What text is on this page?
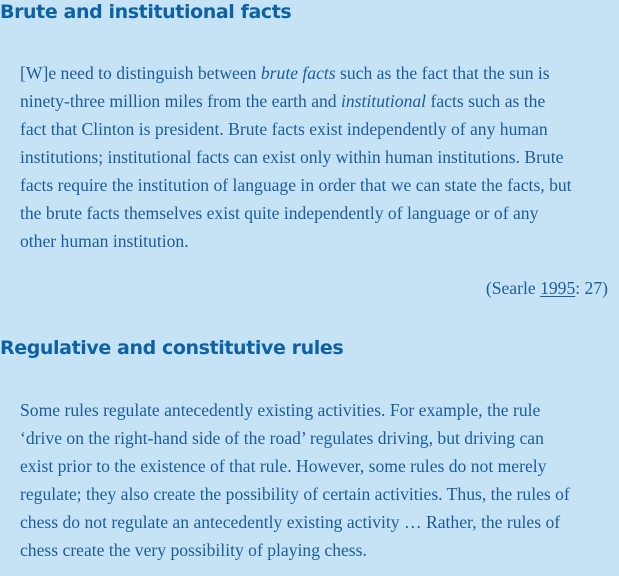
Brute and institutional facts
[W]e need to distinguish between brute facts such as the fact that the sun is
ninety-three million miles from the earth and institutional facts such as the
fact that Clinton is president. Brute facts exist independently of any human
institutions; institutional facts can exist only within human institutions. Brute
facts require the institution of language in order that we can state the facts, but
the brute facts themselves exist quite independently of language or of any
other human institution.
(Searle 1995: 27)
Regulative and constitutive rules
Some rules regulate antecedently existing activities. For example, the rule
‘drive on the right-hand side of the road’ regulates driving, but driving can
exist prior to the existence of that rule. However, some rules do not merely
regulate; they also create the possibility of certain activities. Thus, the rules of
chess do not regulate an antecedently existing activity … Rather, the rules of
chess create the very possibility of playing chess.
